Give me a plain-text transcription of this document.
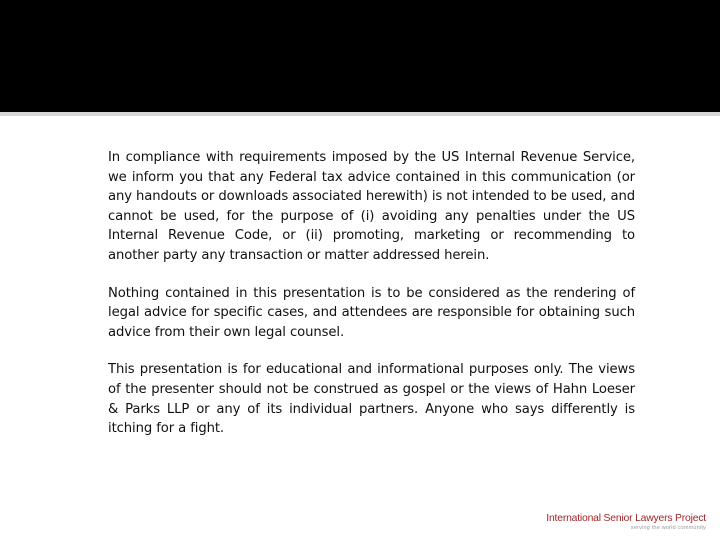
In compliance with requirements imposed by the US Internal Revenue Service, we inform you that any Federal tax advice contained in this communication (or any handouts or downloads associated herewith) is not intended to be used, and cannot be used, for the purpose of (i) avoiding any penalties under the US Internal Revenue Code, or (ii) promoting, marketing or recommending to another party any transaction or matter addressed herein.

Nothing contained in this presentation is to be considered as the rendering of legal advice for specific cases, and attendees are responsible for obtaining such advice from their own legal counsel.

This presentation is for educational and informational purposes only. The views of the presenter should not be construed as gospel or the views of Hahn Loeser & Parks LLP or any of its individual partners. Anyone who says differently is itching for a fight.

International Senior Lawyers Project
serving the world community
